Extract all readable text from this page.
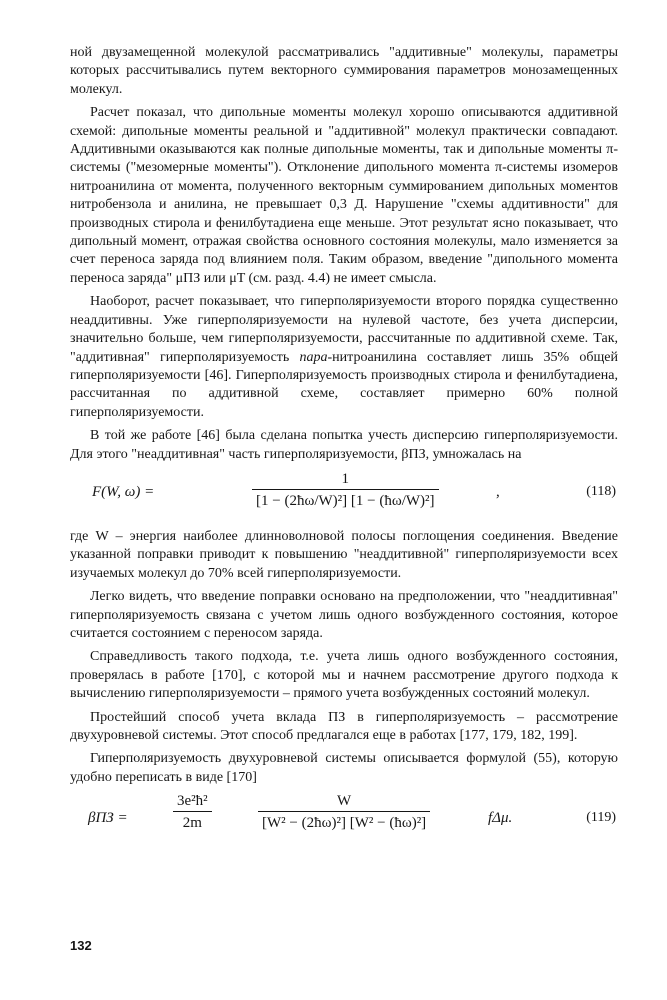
ной двузамещенной молекулой рассматривались "аддитивные" молекулы, параметры которых рассчитывались путем векторного суммирования параметров монозамещенных молекул.

Расчет показал, что дипольные моменты молекул хорошо описываются аддитивной схемой: дипольные моменты реальной и "аддитивной" молекул практически совпадают. Аддитивными оказываются как полные дипольные моменты, так и дипольные моменты π-системы ("мезомерные моменты"). Отклонение дипольного момента π-системы изомеров нитроанилина от момента, полученного векторным суммированием дипольных моментов нитробензола и анилина, не превышает 0,3 Д. Нарушение "схемы аддитивности" для производных стирола и фенилбутадиена еще меньше. Этот результат ясно показывает, что дипольный момент, отражая свойства основного состояния молекулы, мало изменяется за счет переноса заряда под влиянием поля. Таким образом, введение "дипольного момента переноса заряда" μПЗ или μT (см. разд. 4.4) не имеет смысла.

Наоборот, расчет показывает, что гиперполяризуемости второго порядка существенно неаддитивны. Уже гиперполяризуемости на нулевой частоте, без учета дисперсии, значительно больше, чем гиперполяризуемости, рассчитанные по аддитивной схеме. Так, "аддитивная" гиперполяризуемость пара-нитроанилина составляет лишь 35% общей гиперполяризуемости [46]. Гиперполяризуемость производных стирола и фенилбутадиена, рассчитанная по аддитивной схеме, составляет примерно 60% полной гиперполяризуемости.

В той же работе [46] была сделана попытка учесть дисперсию гиперполяризуемости. Для этого "неаддитивная" часть гиперполяризуемости, βПЗ, умножалась на

F(W, ω) =
1
[1 − (2ħω/W)²] [1 − (ħω/W)²]
,	(118)

где W – энергия наиболее длинноволновой полосы поглощения соединения. Введение указанной поправки приводит к повышению "неаддитивной" гиперполяризуемости всех изучаемых молекул до 70% всей гиперполяризуемости.

Легко видеть, что введение поправки основано на предположении, что "неаддитивная" гиперполяризуемость связана с учетом лишь одного возбужденного состояния, которое считается состоянием с переносом заряда.

Справедливость такого подхода, т.е. учета лишь одного возбужденного состояния, проверялась в работе [170], с которой мы и начнем рассмотрение другого подхода к вычислению гиперполяризуемости – прямого учета возбужденных состояний молекул.

Простейший способ учета вклада ПЗ в гиперполяризуемость – рассмотрение двухуровневой системы. Этот способ предлагался еще в работах [177, 179, 182, 199].

Гиперполяризуемость двухуровневой системы описывается формулой (55), которую удобно переписать в виде [170]

βПЗ =
3e²ħ²
2m
W
[W² − (2ħω)²] [W² − (ħω)²]	fΔμ.	(119)
132
